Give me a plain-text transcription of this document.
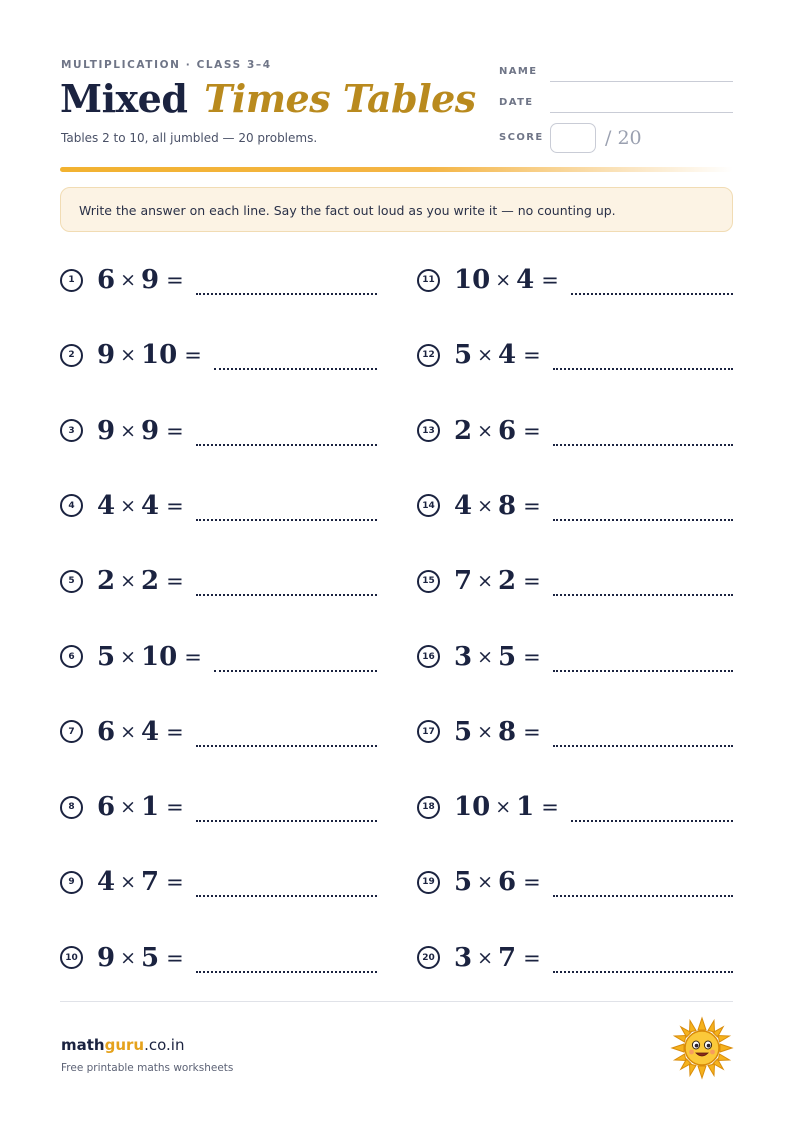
MULTIPLICATION · CLASS 3–4
Mixed Times Tables
Tables 2 to 10, all jumbled — 20 problems.
NAME
DATE
SCORE	/ 20
Write the answer on each line. Say the fact out loud as you write it — no counting up.
1 6 × 9 =
2 9 × 10 =
3 9 × 9 =
4 4 × 4 =
5 2 × 2 =
6 5 × 10 =
7 6 × 4 =
8 6 × 1 =
9 4 × 7 =
10 9 × 5 =
11 10 × 4 =
12 5 × 4 =
13 2 × 6 =
14 4 × 8 =
15 7 × 2 =
16 3 × 5 =
17 5 × 8 =
18 10 × 1 =
19 5 × 6 =
20 3 × 7 =
mathguru.co.in
Free printable maths worksheets
